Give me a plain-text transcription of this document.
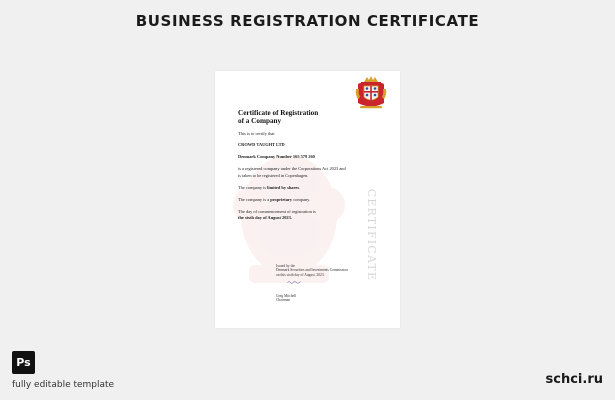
BUSINESS REGISTRATION CERTIFICATE
CERTIFICATE
Certificate of Registration
of a Company
This is to certify that
CROWD TAUGHT LTD
Denmark Company Number 165 579 260
is a registered company under the Corporations Act 2023 and
is taken to be registered in Copenhagen.
The company is limited by shares.
The company is a proprietary company.
The day of commencement of registration is
the sixth day of August 2023.
Issued by the
Denmark Securities and Investments Commission
on this sixth day of August, 2023.
Greg Mitchell
Chairman
Ps
fully editable template	schci.ru
